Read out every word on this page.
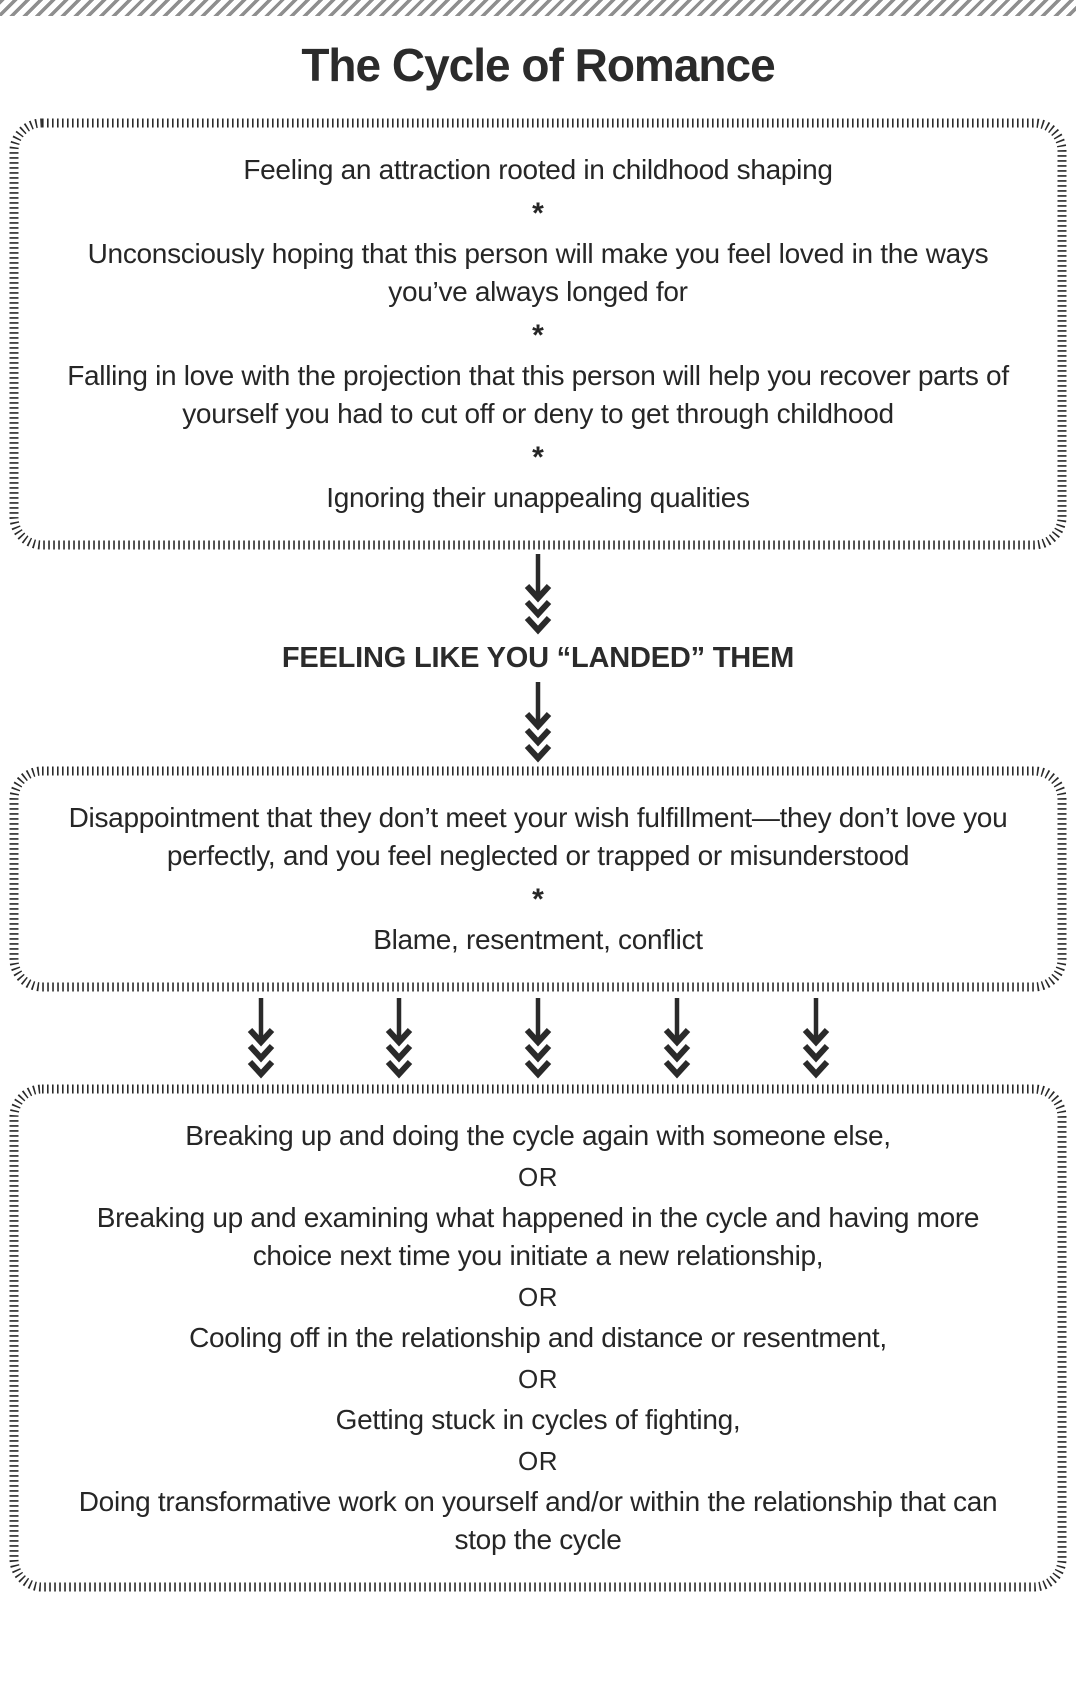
The Cycle of Romance
Feeling an attraction rooted in childhood shaping
*
Unconsciously hoping that this person will make you feel loved in the ways you’ve always longed for
*
Falling in love with the projection that this person will help you recover parts of yourself you had to cut off or deny to get through childhood
*
Ignoring their unappealing qualities
FEELING LIKE YOU “LANDED” THEM
Disappointment that they don’t meet your wish fulfillment—they don’t love you perfectly, and you feel neglected or trapped or misunderstood
*
Blame, resentment, conflict
Breaking up and doing the cycle again with someone else,
OR
Breaking up and examining what happened in the cycle and having more choice next time you initiate a new relationship,
OR
Cooling off in the relationship and distance or resentment,
OR
Getting stuck in cycles of fighting,
OR
Doing transformative work on yourself and/or within the relationship that can stop the cycle
